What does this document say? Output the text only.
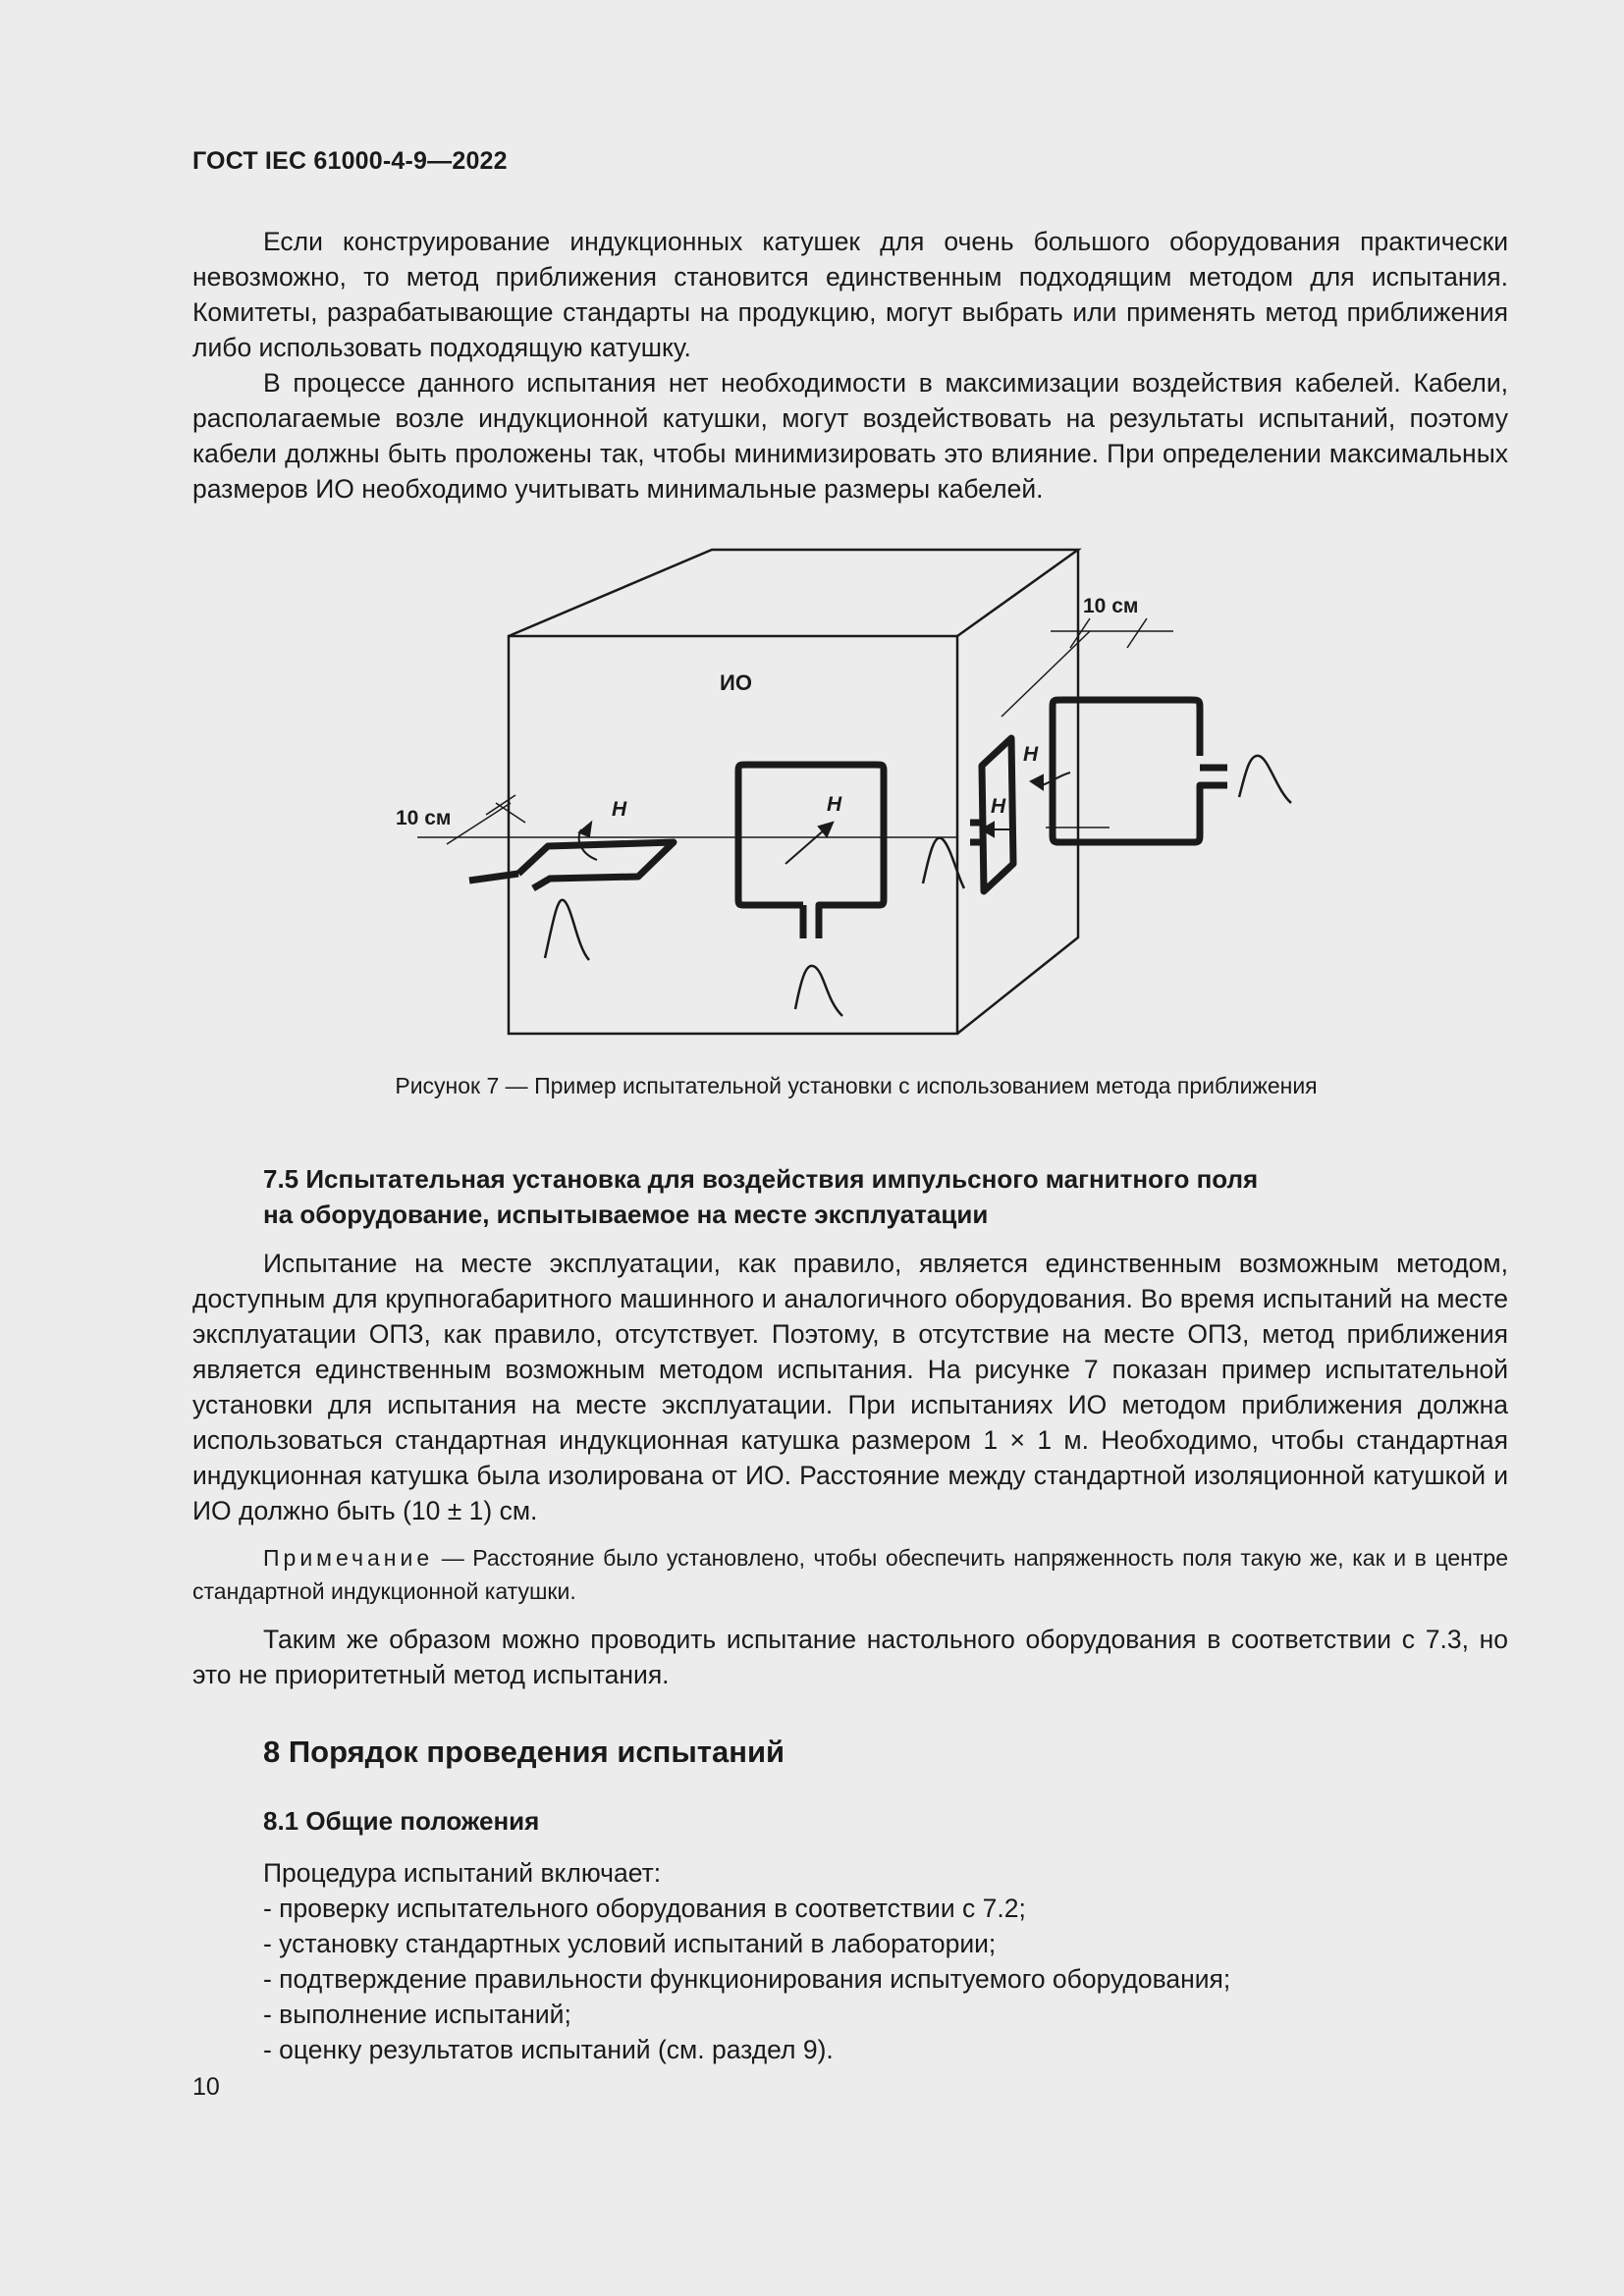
ГОСТ IEC 61000-4-9—2022

Если конструирование индукционных катушек для очень большого оборудования практически невозможно, то метод приближения становится единственным подходящим методом для испытания. Комитеты, разрабатывающие стандарты на продукцию, могут выбрать или применять метод приближения либо использовать подходящую катушку.

В процессе данного испытания нет необходимости в максимизации воздействия кабелей. Кабели, располагаемые возле индукционной катушки, могут воздействовать на результаты испытаний, поэтому кабели должны быть проложены так, чтобы минимизировать это влияние. При определении максимальных размеров ИО необходимо учитывать минимальные размеры кабелей.

ИО
10 см
10 см
H	H	H
H
Рисунок 7 — Пример испытательной установки с использованием метода приближения
7.5 Испытательная установка для воздействия импульсного магнитного поля
на оборудование, испытываемое на месте эксплуатации

Испытание на месте эксплуатации, как правило, является единственным возможным методом, доступным для крупногабаритного машинного и аналогичного оборудования. Во время испытаний на месте эксплуатации ОПЗ, как правило, отсутствует. Поэтому, в отсутствие на месте ОПЗ, метод приближения является единственным возможным методом испытания. На рисунке 7 показан пример испытательной установки для испытания на месте эксплуатации. При испытаниях ИО методом приближения должна использоваться стандартная индукционная катушка размером 1 × 1 м. Необходимо, чтобы стандартная индукционная катушка была изолирована от ИО. Расстояние между стандартной изоляционной катушкой и ИО должно быть (10 ± 1) см.

Примечание — Расстояние было установлено, чтобы обеспечить напряженность поля такую же, как и в центре стандартной индукционной катушки.

Таким же образом можно проводить испытание настольного оборудования в соответствии с 7.3, но это не приоритетный метод испытания.

8 Порядок проведения испытаний
8.1 Общие положения
Процедура испытаний включает:
- проверку испытательного оборудования в соответствии с 7.2;
- установку стандартных условий испытаний в лаборатории;
- подтверждение правильности функционирования испытуемого оборудования;
- выполнение испытаний;
- оценку результатов испытаний (см. раздел 9).
10
